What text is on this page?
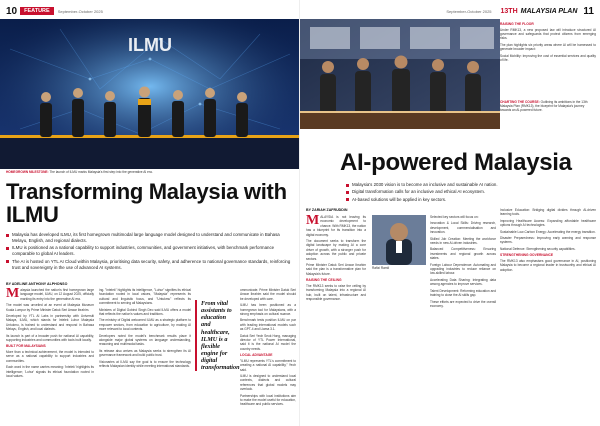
10	FEATURE	September-October 2025
ILMU
HOMEGROWN MILESTONE: The launch of ILMU marks Malaysia's first step into the generative AI era.
Transforming Malaysia with ILMU
Malaysia has developed ILMU, its first homegrown multimodal large language model designed to understand and communicate in Bahasa Melayu, English, and regional dialects.
ILMU is positioned as a national capability to support industries, communities, and government initiatives, with benchmark performance comparable to global AI leaders.
The AI is hosted on YTL AI Cloud within Malaysia, prioritising data security, safety, and adherence to national governance standards, reinforcing trust and sovereignty in the use of advanced AI systems.
BY ADELINE ANTHONY ALPHONSO

Malaysia launched the nation's first homegrown large language model, ILMU, on 12 August 2025, officially marking its entry into the generative AI era.

The model was unveiled at an event at Malaysia Museum Kuala Lumpur by Prime Minister Datuk Seri Anwar Ibrahim.

Developed by YTL AI Labs in partnership with Universiti Malaya, ILMU, which stands for Intelek Luhur Malaysia Untukmu, is trained to understand and respond in Bahasa Melayu, English, and local dialects.

Its launch is part of a broader push for national AI capability, supporting industries and communities with tools built locally.

BUILT FOR MALAYSIANS

More than a technical achievement, the model is intended to serve as a national capability to support industries and communities.

Each word in the name carries meaning: 'Intelek' highlights its intelligence; 'Luhur' signals its ethical foundation rooted in local values.

ing. "Intelek" highlights its intelligence, "Luhur" signifies its ethical foundation rooted in local values, "Malaysia" represents its cultural and linguistic focus, and "Untukmu" reflects its commitment to serving all Malaysians.

Ministers of Digital Gobind Singh Deo said ILMU offers a model that reflects the nation's values and traditions.

The ministry of Digital welcomed ILMU as a strategic platform to empower sectors, from education to agriculture, by making AI more relevant to local contexts.

Developers noted the model's benchmark results place it alongside major global systems on language understanding, reasoning and multimodal tasks.

Its release also arrives as Malaysia seeks to strengthen its AI governance framework and build public trust.

Visionaries at ILMU say the goal is to ensure the technology reflects Malaysian identity while meeting international standards.

From vital assistants to education and healthcare, ILMU is a flexible engine for digital transformation

ommunicate. Prime Minister Datuk Seri Anwar Ibrahim said the model should be developed with care.

ILMU has been positioned as a homegrown tool for Malaysians, with a strong emphasis on cultural nuance.

Benchmark tests position ILMU on par with leading international models such as GPT-4 and Llama 3.1.

Datuk Seri Yeoh Seok Hong, managing director of YTL Power International, said it is the national AI model the country needs.

LOCAL ADVANTAGE

"ILMU represents YTL's commitment to creating a national AI capability," Yeoh said.

ILMU is designed to understand local contexts, dialects and cultural references that global models may overlook.

Partnerships with local institutions aim to make the model useful for education, healthcare and public services.

September-October 2025 13TH MALAYSIA PLAN 11
CHARTING THE COURSE: Outlining its ambitions in the 13th Malaysia Plan (RMK13), the blueprint for Malaysia's journey towards an AI-powered future.
AI-powered Malaysia
Malaysia's 2030 vision is to become an inclusive and sustainable AI nation.
Digital transformation calls for an inclusive and ethical AI ecosystem.
AI-based solutions will be applied in key sectors.
BY ZARIAH ZAFRUDDIN

MALAYSIA is not leaving its economic development to chance. With RMK13, the nation has a blueprint for its transition into a digital economy.

The document seeks to transform the digital landscape by making AI a core driver of growth, with a stronger push for adoption across the public and private sectors.

Prime Minister Datuk Seri Anwar Ibrahim said the plan is a transformative plan for Malaysia's future.

RAISING THE CEILING

The RMK13 seeks to raise the ceiling by transforming Malaysia into a regional AI hub, built on talent, infrastructure and responsible governance.

Rafizi Ramli

Selected key sectors will focus on:

Innovation & Local Skills: Driving research, development, commercialisation and innovation.

Skilled Job Creation: Meeting the workforce needs in new AI-driven industries.

Balanced Competitiveness: Ensuring investments and regional growth across states.

Foreign Labour Dependence: Automating and upgrading industries to reduce reliance on low-skilled labour.

Accelerating Data Sharing: Integrating data among agencies to improve services.

Talent Development: Reforming education and training to close the AI skills gap.

These efforts are expected to drive the overall economy.

RAISING THE FLOOR

Under RMK13, a new proposed law will introduce structured AI governance and safeguards that protect citizens from emerging risks.

The plan highlights six priority areas where AI will be harnessed to generate broader impact:

Social Mobility: Improving the cost of essential services and quality of life.

Inclusive Education: Bridging digital divides through AI-driven learning tools.

Improving Healthcare Access: Expanding affordable healthcare options through AI technologies.

Sustainable Low-Carbon Energy: Accelerating the energy transition.

Disaster Preparedness: Improving early warning and response systems.

National Defence: Strengthening security capabilities.

STRENGTHENING GOVERNANCE

The RMK13 also emphasises good governance in AI, positioning Malaysia to become a regional leader in trustworthy and ethical AI adoption.
